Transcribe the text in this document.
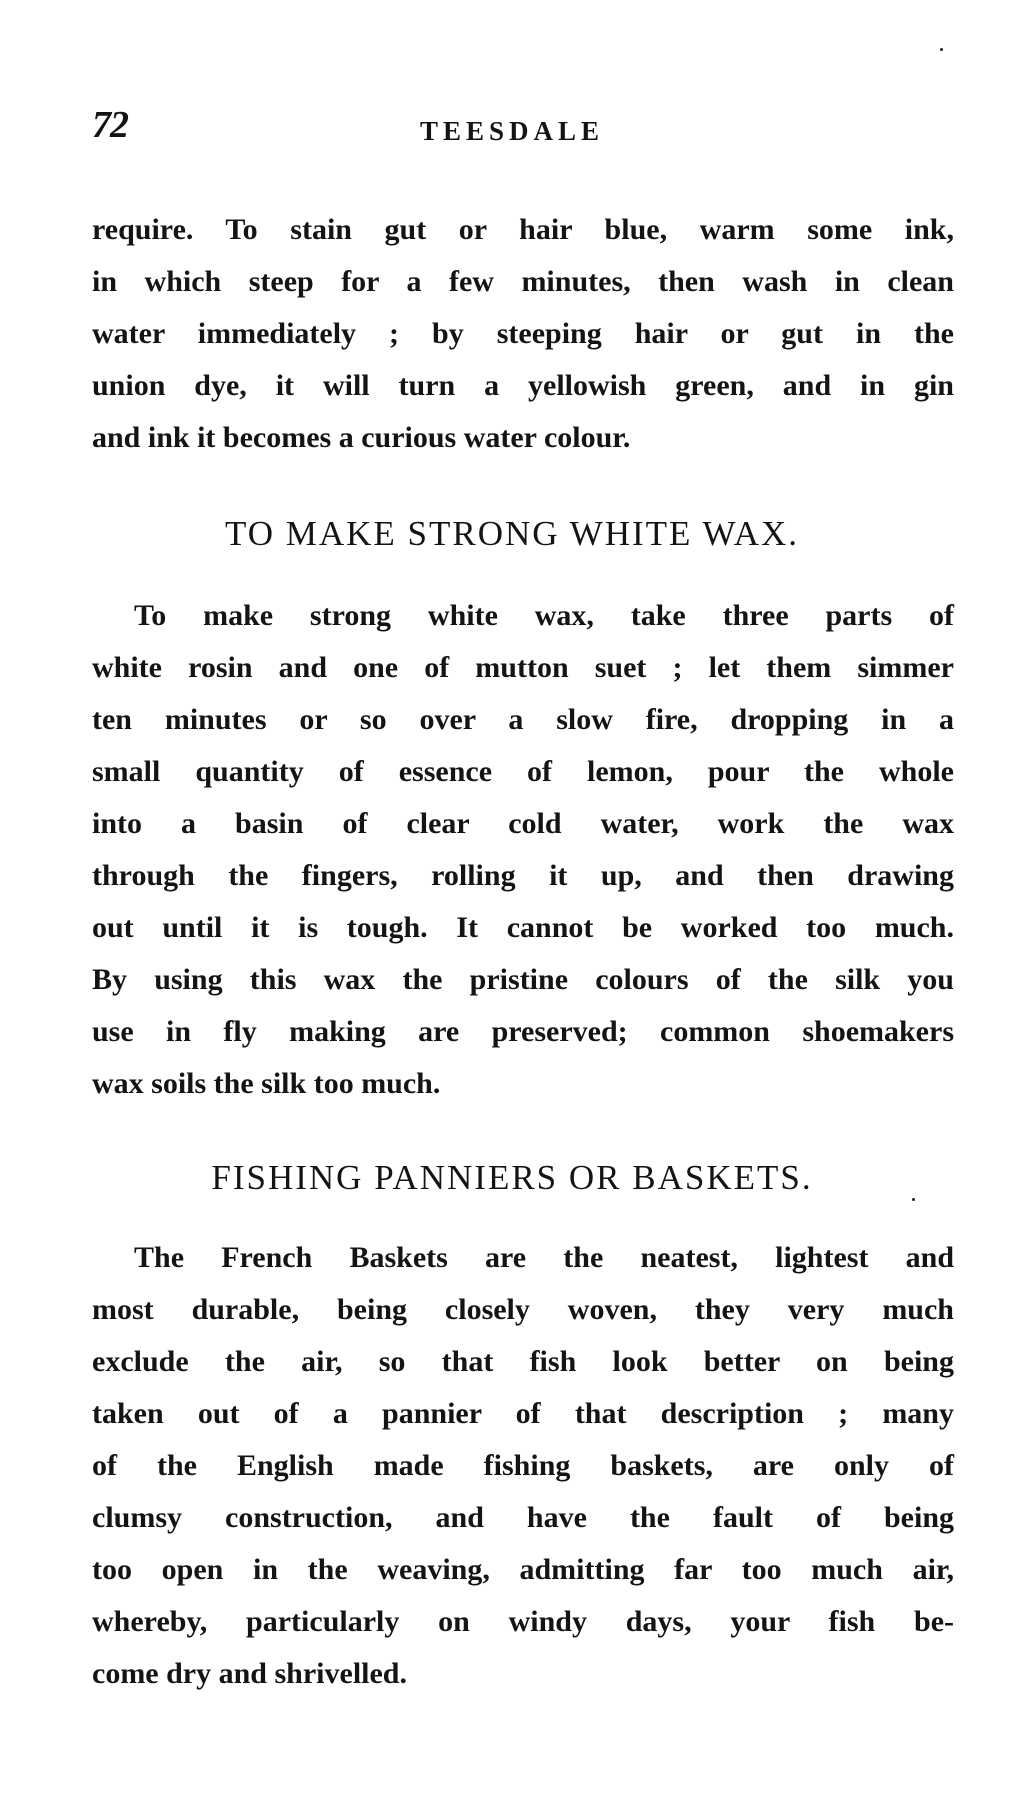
72	TEESDALE
require. To stain gut or hair blue, warm some ink,
in which steep for a few minutes, then wash in clean
water immediately ; by steeping hair or gut in the
union dye, it will turn a yellowish green, and in gin
and ink it becomes a curious water colour.
TO MAKE STRONG WHITE WAX.
To make strong white wax, take three parts of
white rosin and one of mutton suet ; let them simmer
ten minutes or so over a slow fire, dropping in a
small quantity of essence of lemon, pour the whole
into a basin of clear cold water, work the wax
through the fingers, rolling it up, and then drawing
out until it is tough. It cannot be worked too much.
By using this wax the pristine colours of the silk you
use in fly making are preserved; common shoemakers
wax soils the silk too much.
FISHING PANNIERS OR BASKETS.
The French Baskets are the neatest, lightest and
most durable, being closely woven, they very much
exclude the air, so that fish look better on being
taken out of a pannier of that description ; many
of the English made fishing baskets, are only of
clumsy construction, and have the fault of being
too open in the weaving, admitting far too much air,
whereby, particularly on windy days, your fish be-
come dry and shrivelled.
